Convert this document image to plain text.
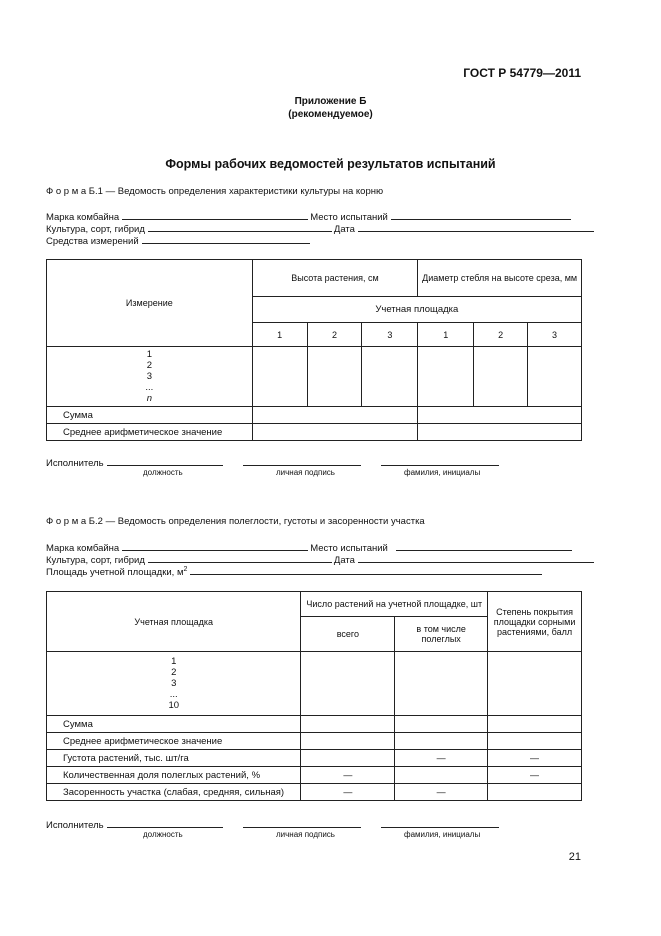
ГОСТ Р 54779—2011
Приложение Б
(рекомендуемое)
Формы рабочих ведомостей результатов испытаний
Ф о р м а Б.1 — Ведомость определения характеристики культуры на корню
Марка комбайна	Место испытаний
Культура, сорт, гибрид	Дата
Средства измерений
Измерение	Высота растения, см			Диаметр стебля на высоте среза, мм		
	Учетная площадка					
	1	2	3	1	2	3

1
2
3
...
n						

Сумма						
Среднее арифметическое значение						
Исполнитель
должность	личная подпись	фамилия, инициалы
Ф о р м а Б.2 — Ведомость определения полеглости, густоты и засоренности участка
Марка комбайна	Место испытаний
Культура, сорт, гибрид	Дата
Площадь учетной площадки, $м^2$
Учетная площадка	Число растений на учетной площадке, шт		Степень покрытия площадки сорными растениями, балл
	всего	в том числе полеглых	

1
2
3
...
10			

Сумма			
Среднее арифметическое значение			
Густота растений, тыс. шт/га		—	—
Количественная доля полеглых растений, %	—		—
Засоренность участка (слабая, средняя, сильная)	—	—	
Исполнитель
должность	личная подпись	фамилия, инициалы
21
